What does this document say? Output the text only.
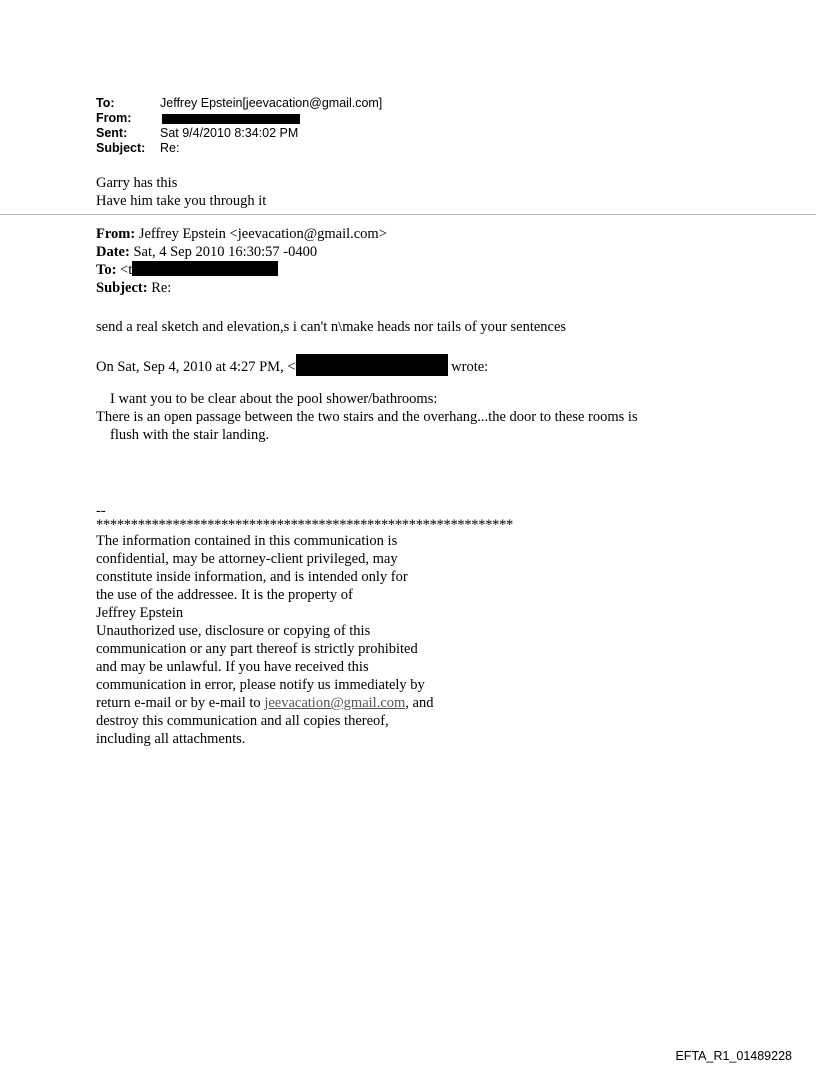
To:	Jeffrey Epstein[jeevacation@gmail.com]
From:
Sent:	Sat 9/4/2010 8:34:02 PM
Subject:	Re:
Garry has this
Have him take you through it
From: Jeffrey Epstein <jeevacation@gmail.com>
Date: Sat, 4 Sep 2010 16:30:57 -0400
To: <t
Subject: Re:
send a real sketch and elevation,s i can't n\make heads nor tails of your sentences
On Sat, Sep 4, 2010 at 4:27 PM, <	wrote:
I want you to be clear about the pool shower/bathrooms:
There is an open passage between the two stairs and the overhang...the door to these rooms is
flush with the stair landing.
--
************************************************************
The information contained in this communication is
confidential, may be attorney-client privileged, may
constitute inside information, and is intended only for
the use of the addressee. It is the property of
Jeffrey Epstein
Unauthorized use, disclosure or copying of this
communication or any part thereof is strictly prohibited
and may be unlawful. If you have received this
communication in error, please notify us immediately by
return e-mail or by e-mail to jeevacation@gmail.com, and
destroy this communication and all copies thereof,
including all attachments.
EFTA_R1_01489228
